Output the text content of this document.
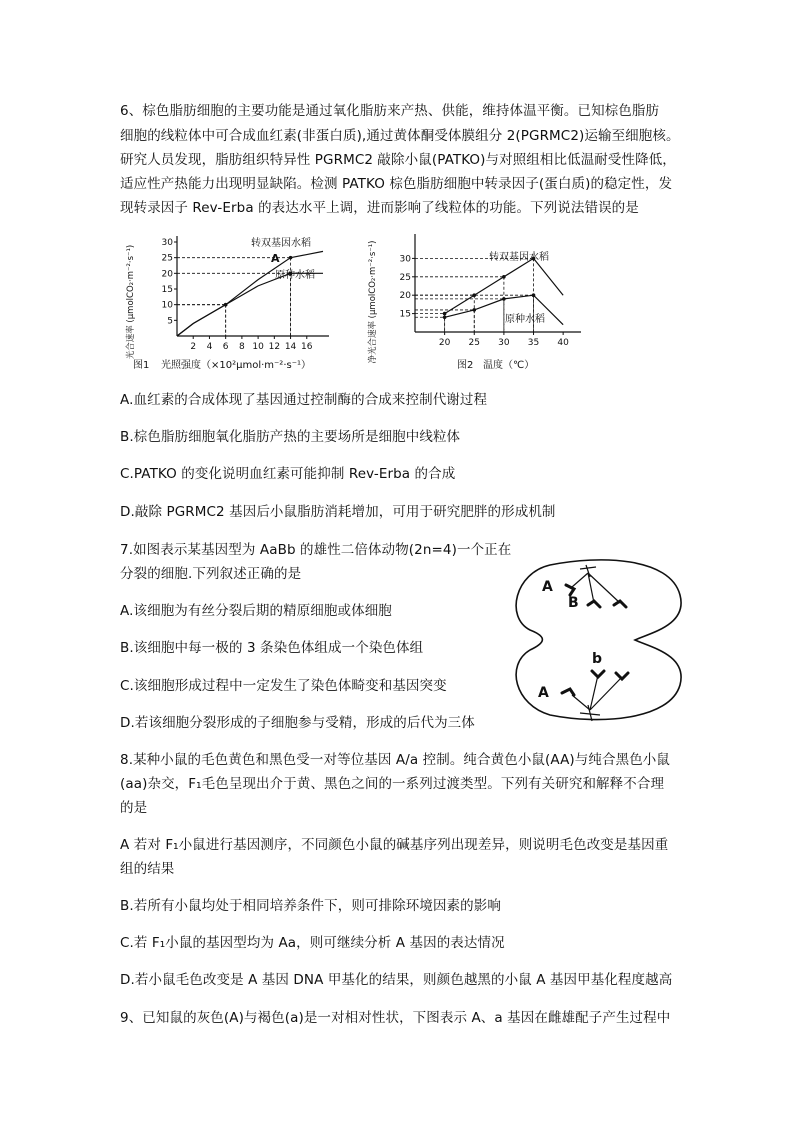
6、棕色脂肪细胞的主要功能是通过氧化脂肪来产热、供能，维持体温平衡。已知棕色脂肪
细胞的线粒体中可合成血红素(非蛋白质),通过黄体酮受体膜组分 2(PGRMC2)运输至细胞核。
研究人员发现，脂肪组织特异性 PGRMC2 敲除小鼠(PATKO)与对照组相比低温耐受性降低，
适应性产热能力出现明显缺陷。检测 PATKO 棕色脂肪细胞中转录因子(蛋白质)的稳定性，发
现转录因子 Rev-Erba 的表达水平上调，进而影响了线粒体的功能。下列说法错误的是
光合速率 (μmolCO₂·m⁻²·s⁻¹)	5
10
15
20
25
30
2 4 6 8 10 12 14 16
转双基因水稻
原种水稻
A
图1 光照强度（×10²μmol·m⁻²·s⁻¹）
净光合速率 (μmolCO₂·m⁻²·s⁻¹) 15
20
25
30
20 25 30 35 40
转双基因水稻
原种水稻
图2 温度（℃）
A.血红素的合成体现了基因通过控制酶的合成来控制代谢过程
B.棕色脂肪细胞氧化脂肪产热的主要场所是细胞中线粒体
C.PATKO 的变化说明血红素可能抑制 Rev-Erba 的合成
D.敲除 PGRMC2 基因后小鼠脂肪消耗增加，可用于研究肥胖的形成机制
7.如图表示某基因型为 AaBb 的雄性二倍体动物(2n=4)一个正在
分裂的细胞.下列叙述正确的是
A.该细胞为有丝分裂后期的精原细胞或体细胞
B.该细胞中每一极的 3 条染色体组成一个染色体组
C.该细胞形成过程中一定发生了染色体畸变和基因突变
D.若该细胞分裂形成的子细胞参与受精，形成的后代为三体
A
B
A
b
8.某种小鼠的毛色黄色和黑色受一对等位基因 A/a 控制。纯合黄色小鼠(AA)与纯合黑色小鼠
(aa)杂交，F₁毛色呈现出介于黄、黑色之间的一系列过渡类型。下列有关研究和解释不合理
的是
A 若对 F₁小鼠进行基因测序，不同颜色小鼠的碱基序列出现差异，则说明毛色改变是基因重
组的结果
B.若所有小鼠均处于相同培养条件下，则可排除环境因素的影响
C.若 F₁小鼠的基因型均为 Aa，则可继续分析 A 基因的表达情况
D.若小鼠毛色改变是 A 基因 DNA 甲基化的结果，则颜色越黑的小鼠 A 基因甲基化程度越高
9、已知鼠的灰色(A)与褐色(a)是一对相对性状，下图表示 A、a 基因在雌雄配子产生过程中
